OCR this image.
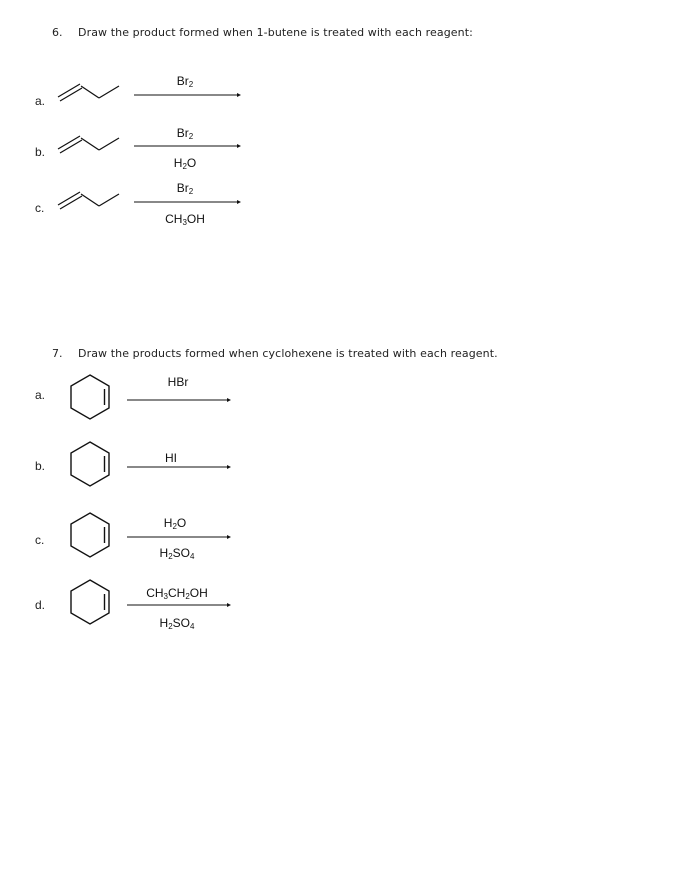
6. Draw the product formed when 1-butene is treated with each reagent:
a.
$Br_2$
b.
$Br_2$
$H_2O$
c.
$Br_2$
$CH_3OH$
7. Draw the products formed when cyclohexene is treated with each reagent.
a.
HBr
b.
HI
c.
$H_2O$
$H_2SO_4$
d.
$CH_3CH_2OH$
$H_2SO_4$
